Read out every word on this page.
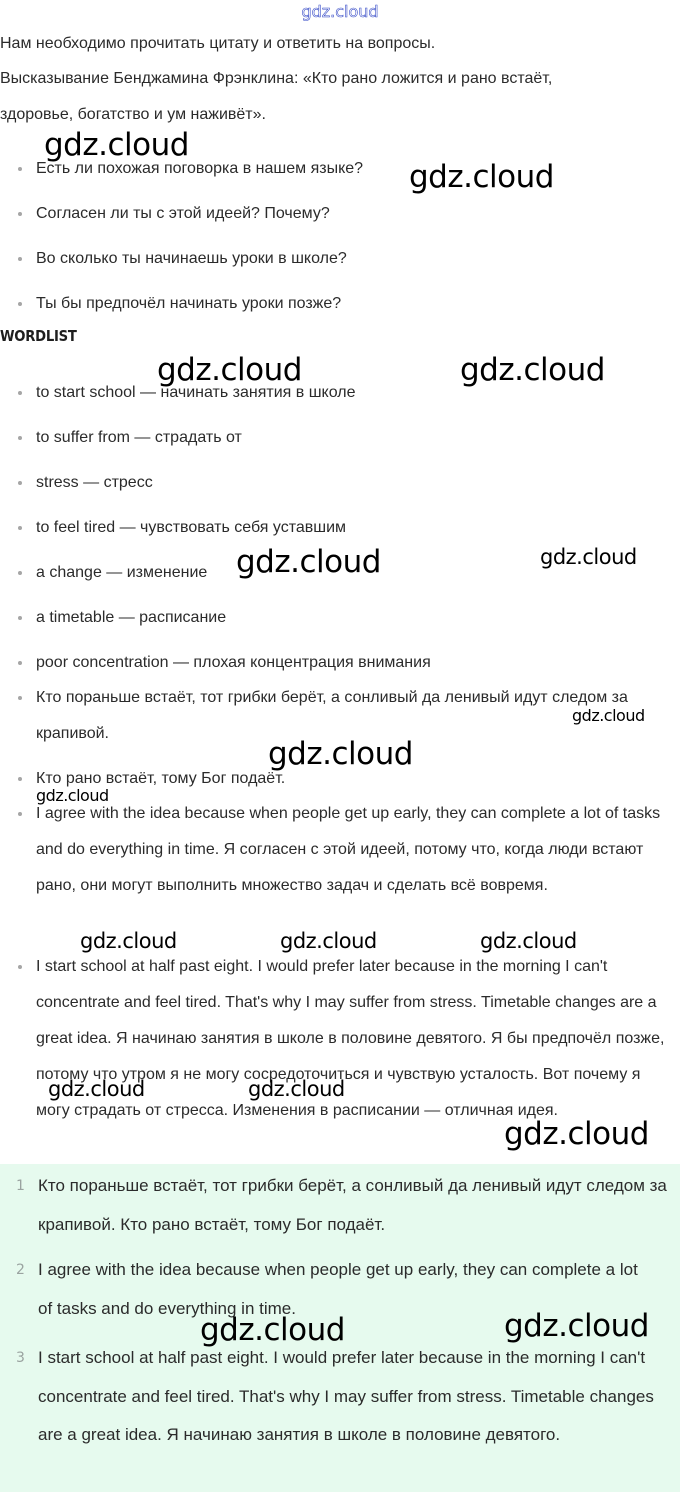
gdz.cloud
Нам необходимо прочитать цитату и ответить на вопросы.
Высказывание Бенджамина Фрэнклина: «Кто рано ложится и рано встаёт,
здоровье, богатство и ум наживёт».
Есть ли похожая поговорка в нашем языке?
Согласен ли ты с этой идеей? Почему?
Во сколько ты начинаешь уроки в школе?
Ты бы предпочёл начинать уроки позже?
WORDLIST
to start school — начинать занятия в школе
to suffer from — страдать от
stress — стресс
to feel tired — чувствовать себя уставшим
a change — изменение
a timetable — расписание
poor concentration — плохая концентрация внимания
Кто пораньше встаёт, тот грибки берёт, а сонливый да ленивый идут следом за крапивой.
Кто рано встаёт, тому Бог подаёт.
I agree with the idea because when people get up early, they can complete a lot of tasks and do everything in time. Я согласен с этой идеей, потому что, когда люди встают рано, они могут выполнить множество задач и сделать всё вовремя.
I start school at half past eight. I would prefer later because in the morning I can't concentrate and feel tired. That's why I may suffer from stress. Timetable changes are a great idea. Я начинаю занятия в школе в половине девятого. Я бы предпочёл позже, потому что утром я не могу сосредоточиться и чувствую усталость. Вот почему я могу страдать от стресса. Изменения в расписании — отличная идея.
1 Кто пораньше встаёт, тот грибки берёт, а сонливый да ленивый идут следом за крапивой. Кто рано встаёт, тому Бог подаёт.
2 I agree with the idea because when people get up early, they can complete a lot of tasks and do everything in time.
3 I start school at half past eight. I would prefer later because in the morning I can't concentrate and feel tired. That's why I may suffer from stress. Timetable changes are a great idea. Я начинаю занятия в школе в половине девятого.
gdz.cloud
gdz.cloud
gdz.cloud	gdz.cloud
gdz.cloud	gdz.cloud
gdz.cloud
gdz.cloud
gdz.cloud
gdz.cloud	gdz.cloud	gdz.cloud
gdz.cloud	gdz.cloud
gdz.cloud
gdz.cloud	gdz.cloud
